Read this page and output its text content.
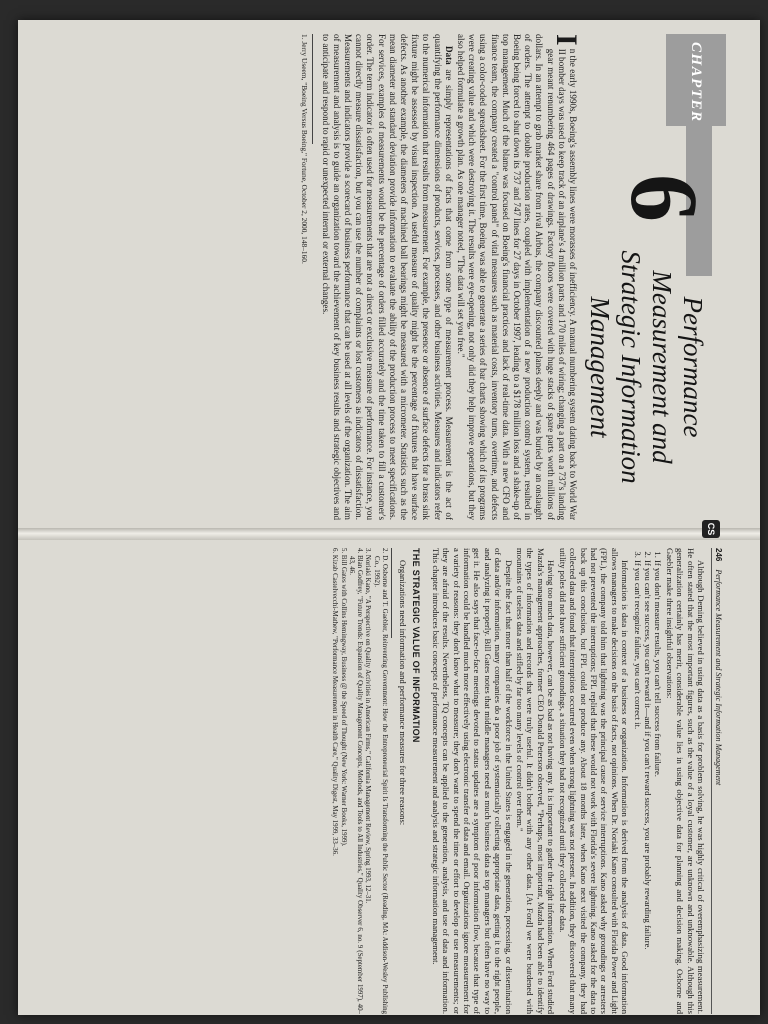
CHAPTER
6
Performance Measurement and Strategic Information Management
CS

I
n the early 1990s, Boeing's assembly lines were morasses of inefficiency. A manual numbering system dating back to World War II bomber days was used to keep track of an airplane's 4 million parts and 170 miles of wiring; changing a part on a 737's landing gear meant renumbering 464 pages of drawings. Factory floors were covered with huge stacks of spare parts worth millions of dollars. In an attempt to grab market share from rival Airbus, the company discounted planes deeply and was buried by an onslaught of orders. The attempt to double production rates, coupled with implementation of a new production control system, resulted in Boeing being forced to shut down its 737 and 747 lines for 27 days in October 1997, leading to a $178 million loss and a shake-up of top management. Much of the blame was focused on Boeing's financial practices and lack of real-time data. With a new CFO and finance team, the company created a "control panel" of vital measures such as material costs, inventory turns, overtime, and defects using a color-coded spreadsheet. For the first time, Boeing was able to generate a series of bar charts showing which of its programs were creating value and which were destroying it. The results were eye-opening, not only did they help improve operations, but they also helped formulate a growth plan. As one manager noted, "The data will set you free."

Data are simply representations of facts that come from some type of measurement process. Measurement is the act of quantifying the performance dimensions of products, services, processes, and other business activities. Measures and indicators refer to the numerical information that results from measurement. For example, the presence or absence of surface defects for a brass sink fixture might be assessed by visual inspection. A useful measure of quality might be the percentage of fixtures that have surface defects. As another example, the diameters of machined ball bearings might be measured with a micrometer. Statistics such as the mean diameter and standard deviation provide information to evaluate the ability of the production process to meet specifications. For services, examples of measurements would be the percentage of orders filled accurately and the time taken to fill a customer's order. The term indicator is often used for measurements that are not a direct or exclusive measure of performance. For instance, you cannot directly measure dissatisfaction, but you can use the number of complaints or lost customers as indicators of dissatisfaction. Measurements and indicators provide a scorecard of business performance that can be used at all levels of the organization. The aim of measurement and analysis is to guide an organization toward the achievement of key business results and strategic objectives and to anticipate and respond to rapid or unexpected internal or external changes.

1. Jerry Useem, "Boeing Versus Boeing," Fortune, October 2, 2000, 148–160.
246Performance Measurement and Strategic Information Management

Although Deming believed in using data as a basis for problem solving, he was highly critical of overemphasizing measurement. He often stated that the most important figures, such as the value of a loyal customer, are unknown and unknowable. Although this generalization certainly has merit, considerable value lies in using objective data for planning and decision making. Osborne and Gaebler make three insightful observations:

1. If you don't measure results, you can't tell success from failure.
2. If you can't see success, you can't reward it—and if you can't reward success, you are probably rewarding failure.
3. If you can't recognize failure, you can't correct it.

Information is data in context of a business or organization. Information is derived from the analysis of data. Good information allows managers to make decisions on the basis of facts, not opinions. When Dr. Noriaki Kano consulted with Florida Power and Light (FPL), the company told him that lightning was the principal cause of service interruptions. Kano asked why groundings or arresters had not prevented the interruptions; FPL replied that these would not work with Florida's severe lightning. Kano asked for the data to back up this conclusion, but FPL could not produce any. About 18 months later, when Kano next visited the company, they had collected data and found that interruptions occurred even when strong lightning was not present. In addition, they discovered that many utility poles did not have sufficient groundings, a situation they had not recognized until they collected the data.

Having too much data, however, can be as bad as not having any. It is important to gather the right information. When Ford studied Mazda's management approaches, former CEO Donald Peterson observed, "Perhaps, most important, Mazda had been able to identify the types of information and records that were truly useful. It didn't bother with any other data. [At Ford] we were burdened with mountains of useless data and stifled by far too many levels of control over them."

Despite the fact that more than half of the workforce in the United States is engaged in the generation, processing, or dissemination of data and/or information, many companies do a poor job of systematically collecting appropriate data, getting it to the right people, and analyzing it properly. Bill Gates notes that middle managers need as much business data as top managers but often have no way to get it. He also says that face-to-face meetings devoted to status updates are a symptom of poor information flow, because that type of information could be handled much more effectively using electronic transfer of data and email. Organizations ignore measurement for a variety of reasons: they don't know what to measure; they don't want to spend the time or effort to develop or use measurements; or they are afraid of the results. Nevertheless, TQ concepts can be applied to the generation, analysis, and use of data and information. This chapter introduces basic concepts of performance measurement and analysis and strategic information management.

THE STRATEGIC VALUE OF INFORMATION

Organizations need information and performance measures for three reasons:

2. D. Osborne and T. Gaebler, Reinventing Government: How the Entrepreneurial Spirit Is Transforming the Public Sector (Reading, MA: Addison-Wesley Publishing Co., 1992).
3. Noriaki Kano, "A Perspective on Quality Activities in American Firms," California Management Review, Spring 1993, 12–31.
4. Blan Godfrey, "Future Trends: Expansion of Quality Management Concepts, Methods, and Tools to All Industries," Quality Observer 6, no. 9 (September 1997), 40–43, 46.
5. Bill Gates with Collins Hemingway, Business @ the Speed of Thought (New York: Warner Books, 1999).
6. Kizab Castelvecchi-Mathew, "Performance Measurement in Health Care," Quality Digest, May 1999, 33–36.
